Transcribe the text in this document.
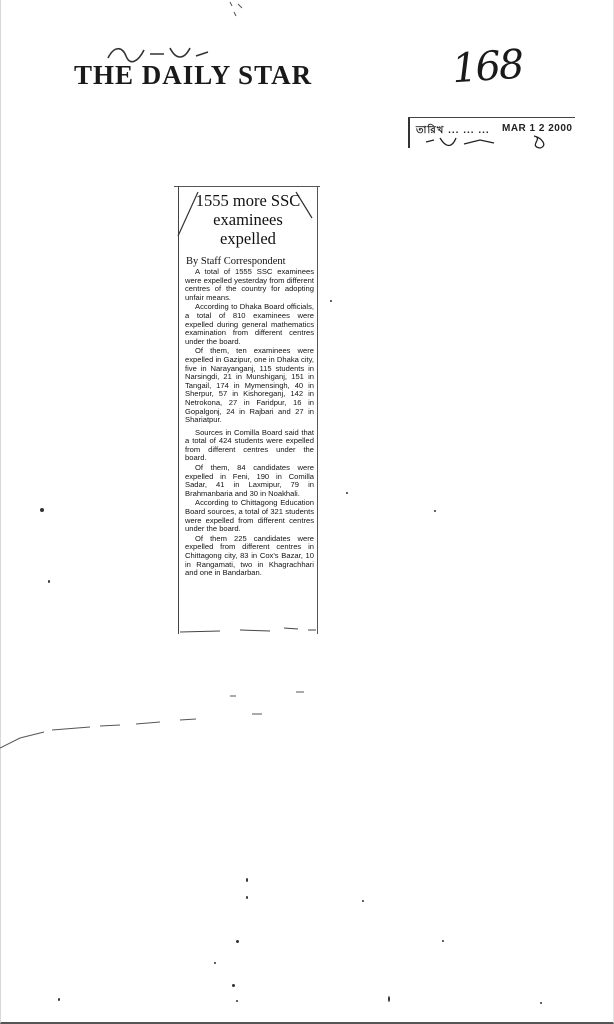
THE DAILY STAR	168
তারিখ ... ... ... MAR 1 2 2000
1555 more SSC
examinees
expelled
By Staff Correspondent

A total of 1555 SSC examinees were expelled yesterday from different centres of the country for adopting unfair means.

According to Dhaka Board officials, a total of 810 examinees were expelled during general mathematics examination from different centres under the board.

Of them, ten examinees were expelled in Gazipur, one in Dhaka city, five in Narayanganj, 115 students in Narsingdi, 21 in Munshiganj, 151 in Tangail, 174 in Mymensingh, 40 in Sherpur, 57 in Kishoreganj, 142 in Netrokona, 27 in Faridpur, 16 in Gopalgonj, 24 in Rajbari and 27 in Shariatpur.

Sources in Comilla Board said that a total of 424 students were expelled from different centres under the board.

Of them, 84 candidates were expelled in Feni, 190 in Comilla Sadar, 41 in Laxmipur, 79 in Brahmanbaria and 30 in Noakhali.

According to Chittagong Education Board sources, a total of 321 students were expelled from different centres under the board.

Of them 225 candidates were expelled from different centres in Chittagong city, 83 in Cox's Bazar, 10 in Rangamati, two in Khagrachhari and one in Bandarban.
